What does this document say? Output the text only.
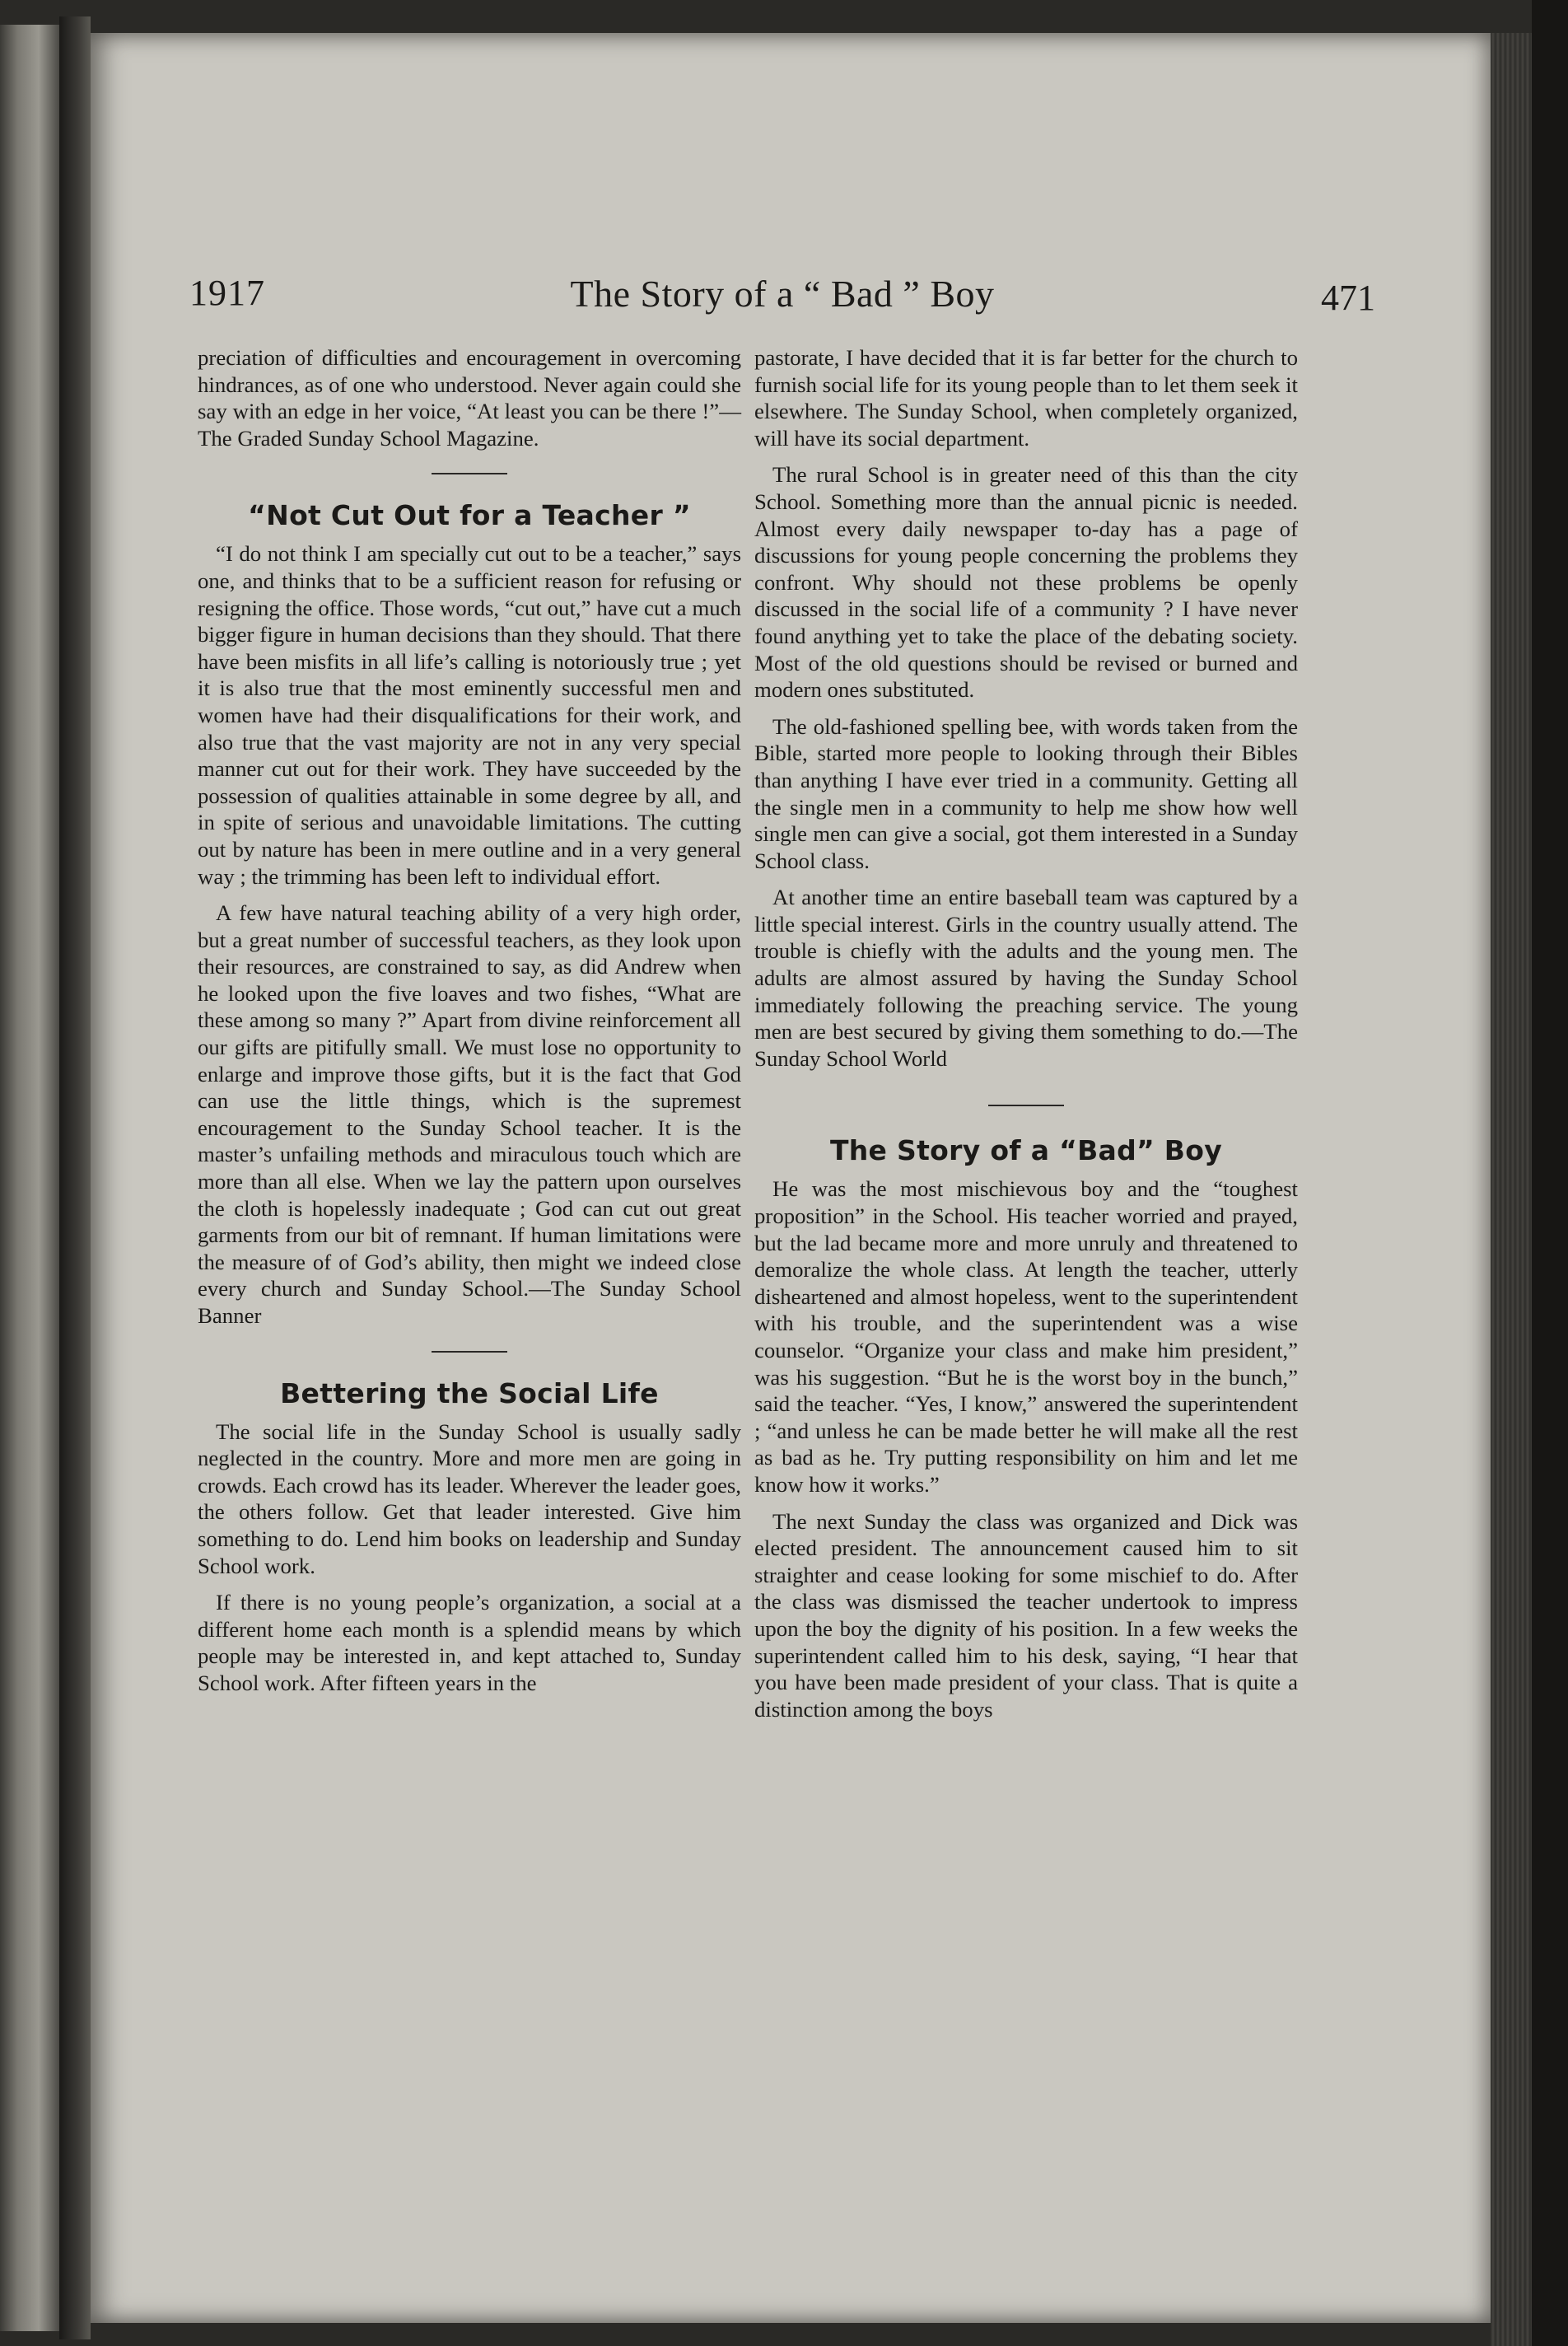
1917	The Story of a “ Bad ” Boy	471

preciation of difficulties and encouragement in overcoming hindrances, as of one who understood. Never again could she say with an edge in her voice, “At least you can be there !”—The Graded Sunday School Magazine.

“Not Cut Out for a Teacher ”

“I do not think I am specially cut out to be a teacher,” says one, and thinks that to be a sufficient reason for refusing or resigning the office. Those words, “cut out,” have cut a much bigger figure in human decisions than they should. That there have been misfits in all life’s calling is notoriously true ; yet it is also true that the most eminently successful men and women have had their disqualifications for their work, and also true that the vast majority are not in any very special manner cut out for their work. They have succeeded by the possession of qualities attainable in some degree by all, and in spite of serious and unavoidable limitations. The cutting out by nature has been in mere outline and in a very general way ; the trimming has been left to individual effort.

A few have natural teaching ability of a very high order, but a great number of successful teachers, as they look upon their resources, are constrained to say, as did Andrew when he looked upon the five loaves and two fishes, “What are these among so many ?” Apart from divine reinforcement all our gifts are pitifully small. We must lose no opportunity to enlarge and improve those gifts, but it is the fact that God can use the little things, which is the supremest encouragement to the Sunday School teacher. It is the master’s unfailing methods and miraculous touch which are more than all else. When we lay the pattern upon ourselves the cloth is hopelessly inadequate ; God can cut out great garments from our bit of remnant. If human limitations were the measure of of God’s ability, then might we indeed close every church and Sunday School.—The Sunday School Banner

Bettering the Social Life

The social life in the Sunday School is usually sadly neglected in the country. More and more men are going in crowds. Each crowd has its leader. Wherever the leader goes, the others follow. Get that leader interested. Give him something to do. Lend him books on leadership and Sunday School work.

If there is no young people’s organization, a social at a different home each month is a splendid means by which people may be interested in, and kept attached to, Sunday School work. After fifteen years in the

pastorate, I have decided that it is far better for the church to furnish social life for its young people than to let them seek it elsewhere. The Sunday School, when completely organized, will have its social department.

The rural School is in greater need of this than the city School. Something more than the annual picnic is needed. Almost every daily newspaper to-day has a page of discussions for young people concerning the problems they confront. Why should not these problems be openly discussed in the social life of a community ? I have never found anything yet to take the place of the debating society. Most of the old questions should be revised or burned and modern ones substituted.

The old-fashioned spelling bee, with words taken from the Bible, started more people to looking through their Bibles than anything I have ever tried in a community. Getting all the single men in a community to help me show how well single men can give a social, got them interested in a Sunday School class.

At another time an entire baseball team was captured by a little special interest. Girls in the country usually attend. The trouble is chiefly with the adults and the young men. The adults are almost assured by having the Sunday School immediately following the preaching service. The young men are best secured by giving them something to do.—The Sunday School World

The Story of a “Bad” Boy

He was the most mischievous boy and the “toughest proposition” in the School. His teacher worried and prayed, but the lad became more and more unruly and threatened to demoralize the whole class. At length the teacher, utterly disheartened and almost hopeless, went to the superintendent with his trouble, and the superintendent was a wise counselor. “Organize your class and make him president,” was his suggestion. “But he is the worst boy in the bunch,” said the teacher. “Yes, I know,” answered the superintendent ; “and unless he can be made better he will make all the rest as bad as he. Try putting responsibility on him and let me know how it works.”

The next Sunday the class was organized and Dick was elected president. The announcement caused him to sit straighter and cease looking for some mischief to do. After the class was dismissed the teacher undertook to impress upon the boy the dignity of his position. In a few weeks the superintendent called him to his desk, saying, “I hear that you have been made president of your class. That is quite a distinction among the boys
